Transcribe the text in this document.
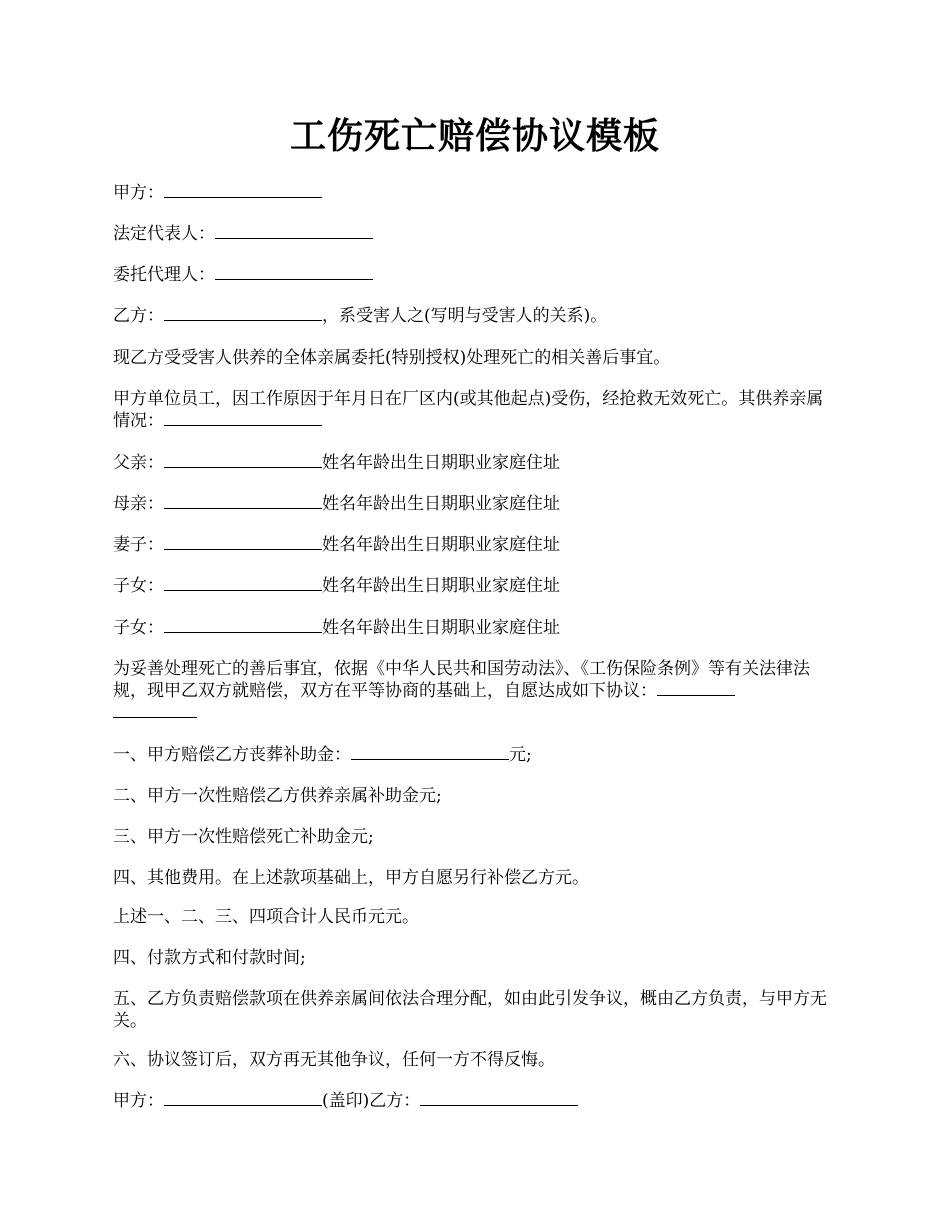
工伤死亡赔偿协议模板
甲方：
法定代表人：
委托代理人：
乙方：	，系受害人之(写明与受害人的关系)。
现乙方受受害人供养的全体亲属委托(特别授权)处理死亡的相关善后事宜。
甲方单位员工，因工作原因于年月日在厂区内(或其他起点)受伤，经抢救无效死亡。其供养亲属情况：
父亲：	姓名年龄出生日期职业家庭住址
母亲：	姓名年龄出生日期职业家庭住址
妻子：	姓名年龄出生日期职业家庭住址
子女：	姓名年龄出生日期职业家庭住址
子女：	姓名年龄出生日期职业家庭住址
为妥善处理死亡的善后事宜，依据《中华人民共和国劳动法》、《工伤保险条例》等有关法律法规，现甲乙双方就赔偿，双方在平等协商的基础上，自愿达成如下协议：

一、甲方赔偿乙方丧葬补助金：	元;
二、甲方一次性赔偿乙方供养亲属补助金元;
三、甲方一次性赔偿死亡补助金元;
四、其他费用。在上述款项基础上，甲方自愿另行补偿乙方元。
上述一、二、三、四项合计人民币元元。
四、付款方式和付款时间;
五、乙方负责赔偿款项在供养亲属间依法合理分配，如由此引发争议，概由乙方负责，与甲方无关。
六、协议签订后，双方再无其他争议，任何一方不得反悔。
甲方：	(盖印)乙方：
